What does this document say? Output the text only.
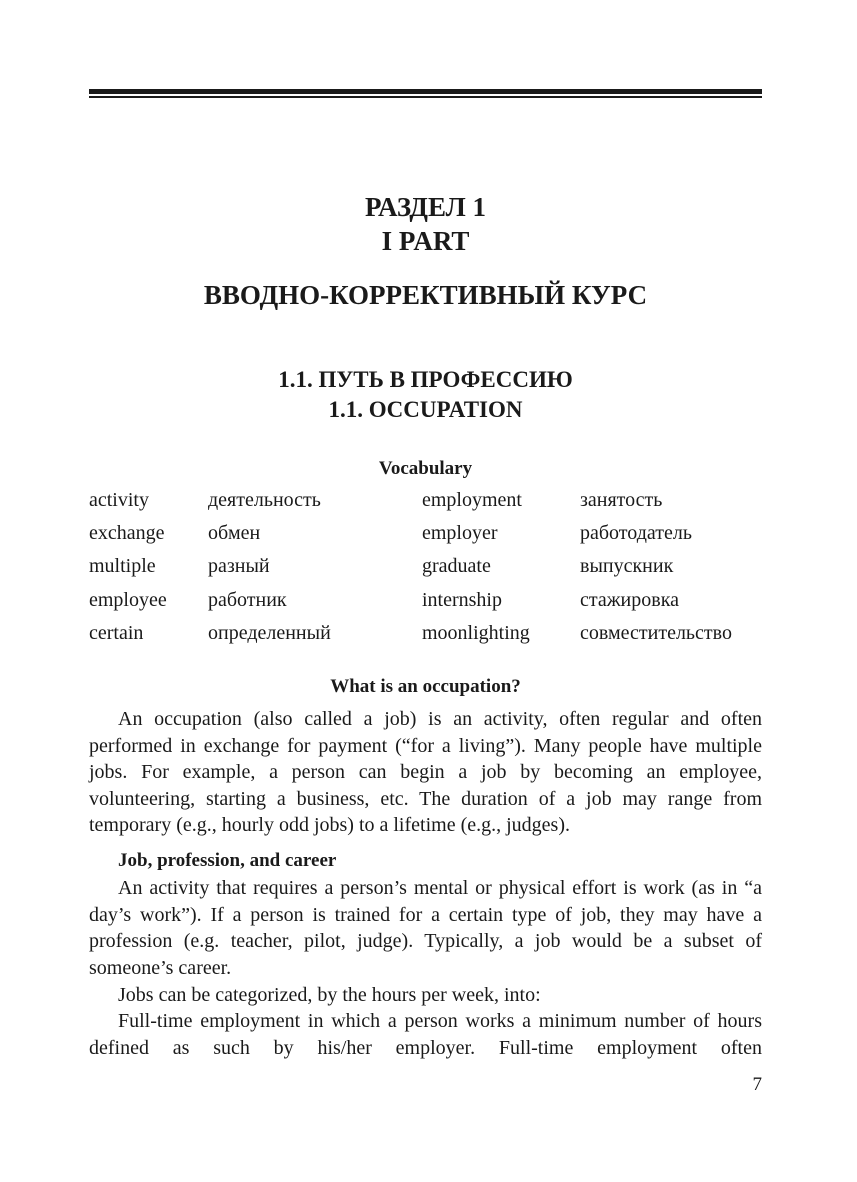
РАЗДЕЛ 1
I PART
ВВОДНО-КОРРЕКТИВНЫЙ КУРС
1.1. ПУТЬ В ПРОФЕССИЮ
1.1. OCCUPATION
Vocabulary
activity	деятельность	employment	занятость
exchange	обмен	employer	работодатель
multiple	разный	graduate	выпускник
employee	работник	internship	стажировка
certain	определенный	moonlighting	совместительство
What is an occupation?

An occupation (also called a job) is an activity, often regular and often performed in exchange for payment (“for a living”). Many people have multiple jobs. For example, a person can begin a job by becoming an employee, volunteering, starting a business, etc. The duration of a job may range from temporary (e.g., hourly odd jobs) to a lifetime (e.g., judges).

Job, profession, and career

An activity that requires a person’s mental or physical effort is work (as in “a day’s work”). If a person is trained for a certain type of job, they may have a profession (e.g. teacher, pilot, judge). Typically, a job would be a subset of someone’s career.

Jobs can be categorized, by the hours per week, into:

Full-time employment in which a person works a minimum number of hours defined as such by his/her employer. Full-time employment often

7
